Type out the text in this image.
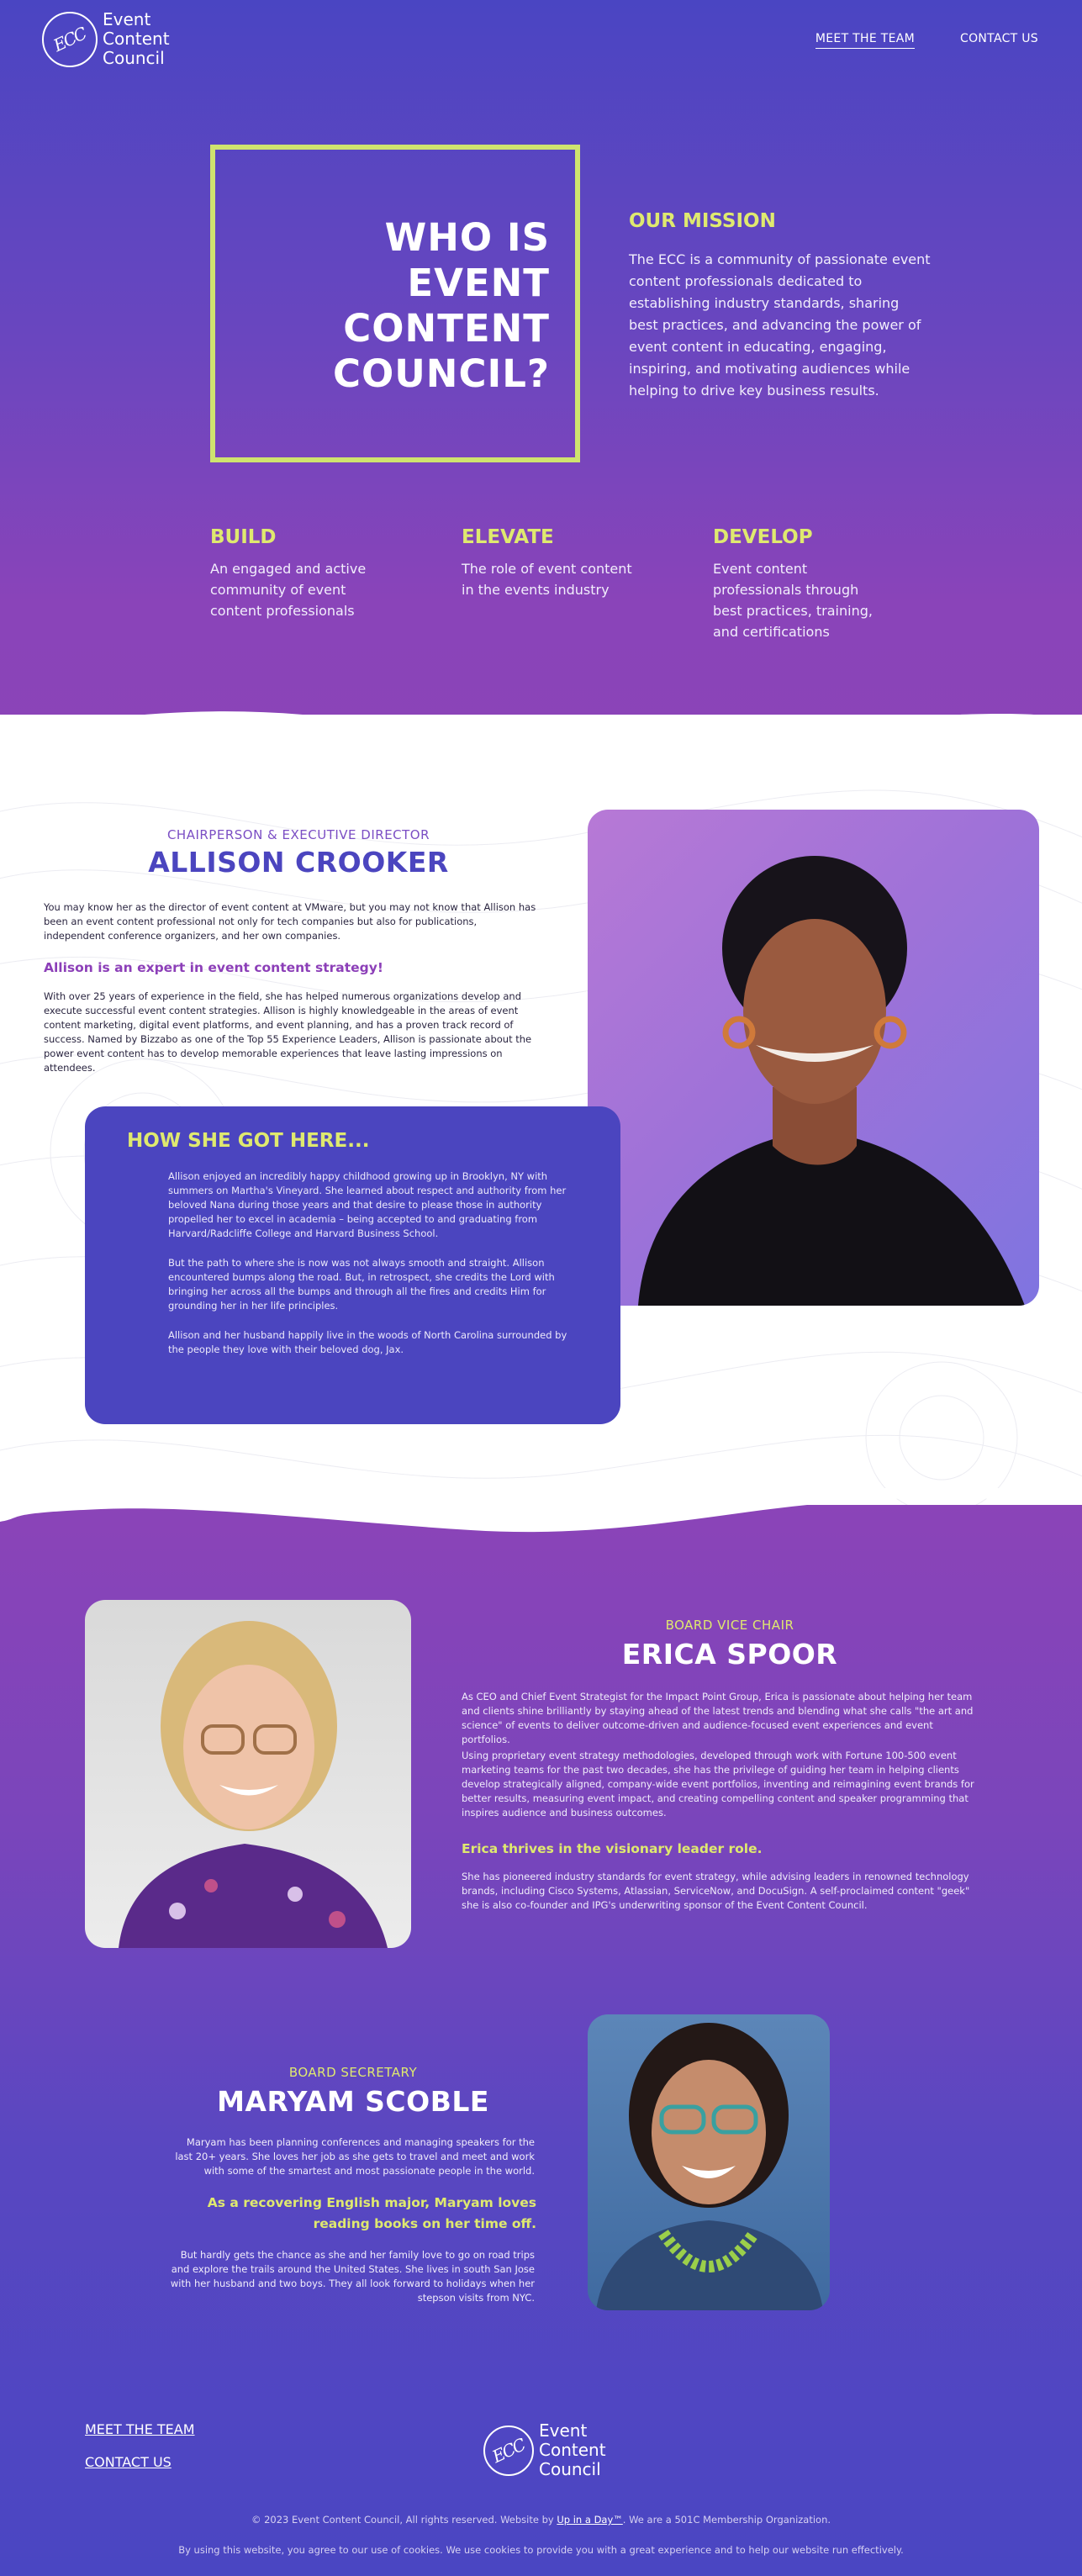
ECC
Event
Content
Council
MEET THE TEAM	CONTACT US
WHO IS
EVENT
CONTENT
COUNCIL?
OUR MISSION

The ECC is a community of passionate event content professionals dedicated to establishing industry standards, sharing best practices, and advancing the power of event content in educating, engaging, inspiring, and motivating audiences while helping to drive key business results.

BUILD

An engaged and active community of event content professionals

ELEVATE

The role of event content in the events industry

DEVELOP

Event content professionals through best practices, training, and certifications

CHAIRPERSON & EXECUTIVE DIRECTOR
ALLISON CROOKER

You may know her as the director of event content at VMware, but you may not know that Allison has been an event content professional not only for tech companies but also for publications, independent conference organizers, and her own companies.

Allison is an expert in event content strategy!

With over 25 years of experience in the field, she has helped numerous organizations develop and execute successful event content strategies. Allison is highly knowledgeable in the areas of event content marketing, digital event platforms, and event planning, and has a proven track record of success. Named by Bizzabo as one of the Top 55 Experience Leaders, Allison is passionate about the power event content has to develop memorable experiences that leave lasting impressions on attendees.

HOW SHE GOT HERE...

Allison enjoyed an incredibly happy childhood growing up in Brooklyn, NY with summers on Martha's Vineyard. She learned about respect and authority from her beloved Nana during those years and that desire to please those in authority propelled her to excel in academia – being accepted to and graduating from Harvard/Radcliffe College and Harvard Business School.

But the path to where she is now was not always smooth and straight. Allison encountered bumps along the road. But, in retrospect, she credits the Lord with bringing her across all the bumps and through all the fires and credits Him for grounding her in her life principles.

Allison and her husband happily live in the woods of North Carolina surrounded by the people they love with their beloved dog, Jax.

BOARD VICE CHAIR
ERICA SPOOR

As CEO and Chief Event Strategist for the Impact Point Group, Erica is passionate about helping her team and clients shine brilliantly by staying ahead of the latest trends and blending what she calls "the art and science" of events to deliver outcome-driven and audience-focused event experiences and event portfolios.

Using proprietary event strategy methodologies, developed through work with Fortune 100-500 event marketing teams for the past two decades, she has the privilege of guiding her team in helping clients develop strategically aligned, company-wide event portfolios, inventing and reimagining event brands for better results, measuring event impact, and creating compelling content and speaker programming that inspires audience and business outcomes.

Erica thrives in the visionary leader role.

She has pioneered industry standards for event strategy, while advising leaders in renowned technology brands, including Cisco Systems, Atlassian, ServiceNow, and DocuSign. A self-proclaimed content "geek" she is also co-founder and IPG's underwriting sponsor of the Event Content Council.

BOARD SECRETARY
MARYAM SCOBLE

Maryam has been planning conferences and managing speakers for the last 20+ years. She loves her job as she gets to travel and meet and work with some of the smartest and most passionate people in the world.

As a recovering English major, Maryam loves reading books on her time off.

But hardly gets the chance as she and her family love to go on road trips and explore the trails around the United States. She lives in south San Jose with her husband and two boys. They all look forward to holidays when her stepson visits from NYC.

MEET THE TEAM
CONTACT US	ECC
Event
Content
Council
© 2023 Event Content Council, All rights reserved. Website by Up in a Day™. We are a 501C Membership Organization.
By using this website, you agree to our use of cookies. We use cookies to provide you with a great experience and to help our website run effectively.
